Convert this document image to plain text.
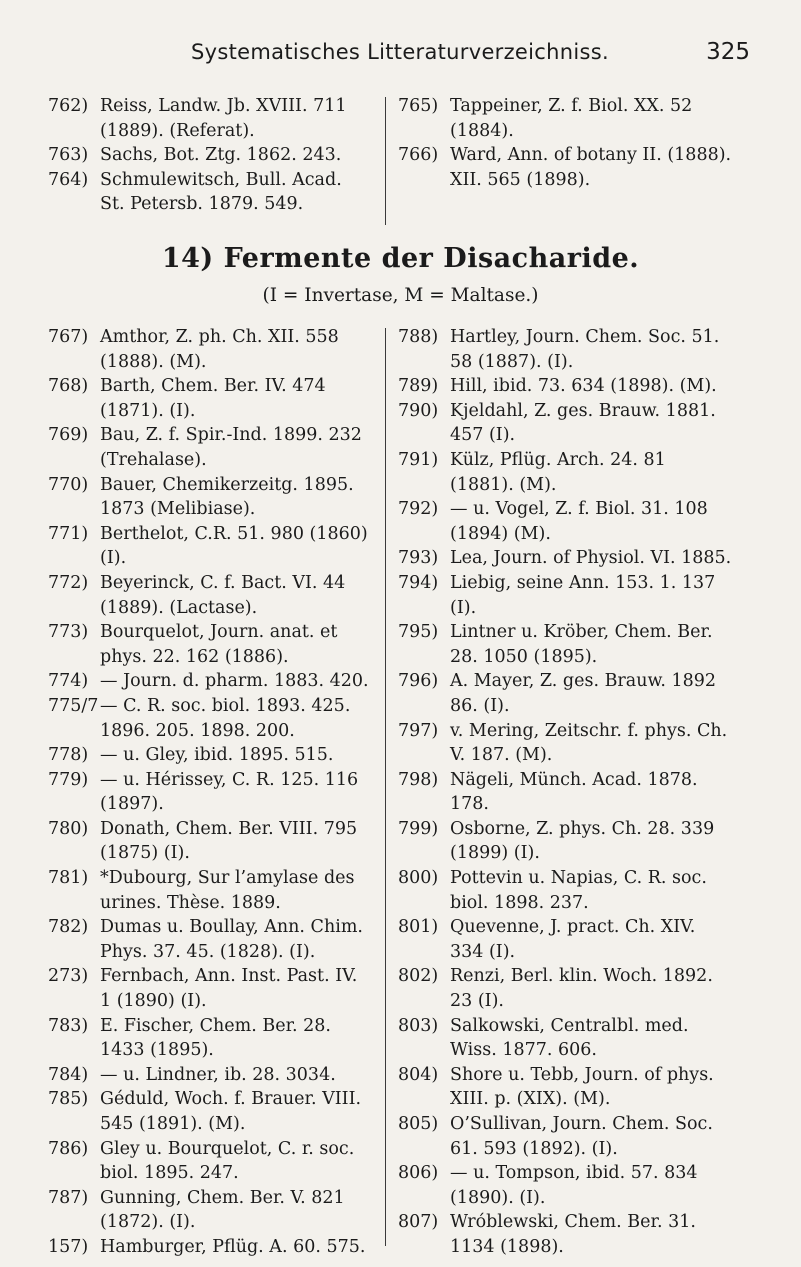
Systematisches Litteraturverzeichniss.	325
762) Reiss, Landw. Jb. XVIII. 711 (1889). (Referat).
763) Sachs, Bot. Ztg. 1862. 243.
764) Schmulewitsch, Bull. Acad. St. Petersb. 1879. 549.
765) Tappeiner, Z. f. Biol. XX. 52 (1884).
766) Ward, Ann. of botany II. (1888). XII. 565 (1898).
14) Fermente der Disacharide.
(I = Invertase, M = Maltase.)
767) Amthor, Z. ph. Ch. XII. 558 (1888). (M).
768) Barth, Chem. Ber. IV. 474 (1871). (I).
769) Bau, Z. f. Spir.-Ind. 1899. 232 (Trehalase).
770) Bauer, Chemikerzeitg. 1895. 1873 (Melibiase).
771) Berthelot, C.R. 51. 980 (1860) (I).
772) Beyerinck, C. f. Bact. VI. 44 (1889). (Lactase).
773) Bourquelot, Journ. anat. et phys. 22. 162 (1886).
774) — Journ. d. pharm. 1883. 420.
775/7 — C. R. soc. biol. 1893. 425. 1896. 205. 1898. 200.
778) — u. Gley, ibid. 1895. 515.
779) — u. Hérissey, C. R. 125. 116 (1897).
780) Donath, Chem. Ber. VIII. 795 (1875) (I).
781) *Dubourg, Sur l’amylase des urines. Thèse. 1889.
782) Dumas u. Boullay, Ann. Chim. Phys. 37. 45. (1828). (I).
273) Fernbach, Ann. Inst. Past. IV. 1 (1890) (I).
783) E. Fischer, Chem. Ber. 28. 1433 (1895).
784) — u. Lindner, ib. 28. 3034.
785) Géduld, Woch. f. Brauer. VIII. 545 (1891). (M).
786) Gley u. Bourquelot, C. r. soc. biol. 1895. 247.
787) Gunning, Chem. Ber. V. 821 (1872). (I).
157) Hamburger, Pflüg. A. 60. 575.
788) Hartley, Journ. Chem. Soc. 51. 58 (1887). (I).
789) Hill, ibid. 73. 634 (1898). (M).
790) Kjeldahl, Z. ges. Brauw. 1881. 457 (I).
791) Külz, Pflüg. Arch. 24. 81 (1881). (M).
792) — u. Vogel, Z. f. Biol. 31. 108 (1894) (M).
793) Lea, Journ. of Physiol. VI. 1885.
794) Liebig, seine Ann. 153. 1. 137 (I).
795) Lintner u. Kröber, Chem. Ber. 28. 1050 (1895).
796) A. Mayer, Z. ges. Brauw. 1892 86. (I).
797) v. Mering, Zeitschr. f. phys. Ch. V. 187. (M).
798) Nägeli, Münch. Acad. 1878. 178.
799) Osborne, Z. phys. Ch. 28. 339 (1899) (I).
800) Pottevin u. Napias, C. R. soc. biol. 1898. 237.
801) Quevenne, J. pract. Ch. XIV. 334 (I).
802) Renzi, Berl. klin. Woch. 1892. 23 (I).
803) Salkowski, Centralbl. med. Wiss. 1877. 606.
804) Shore u. Tebb, Journ. of phys. XIII. p. (XIX). (M).
805) O’Sullivan, Journ. Chem. Soc. 61. 593 (1892). (I).
806) — u. Tompson, ibid. 57. 834 (1890). (I).
807) Wróblewski, Chem. Ber. 31. 1134 (1898).
